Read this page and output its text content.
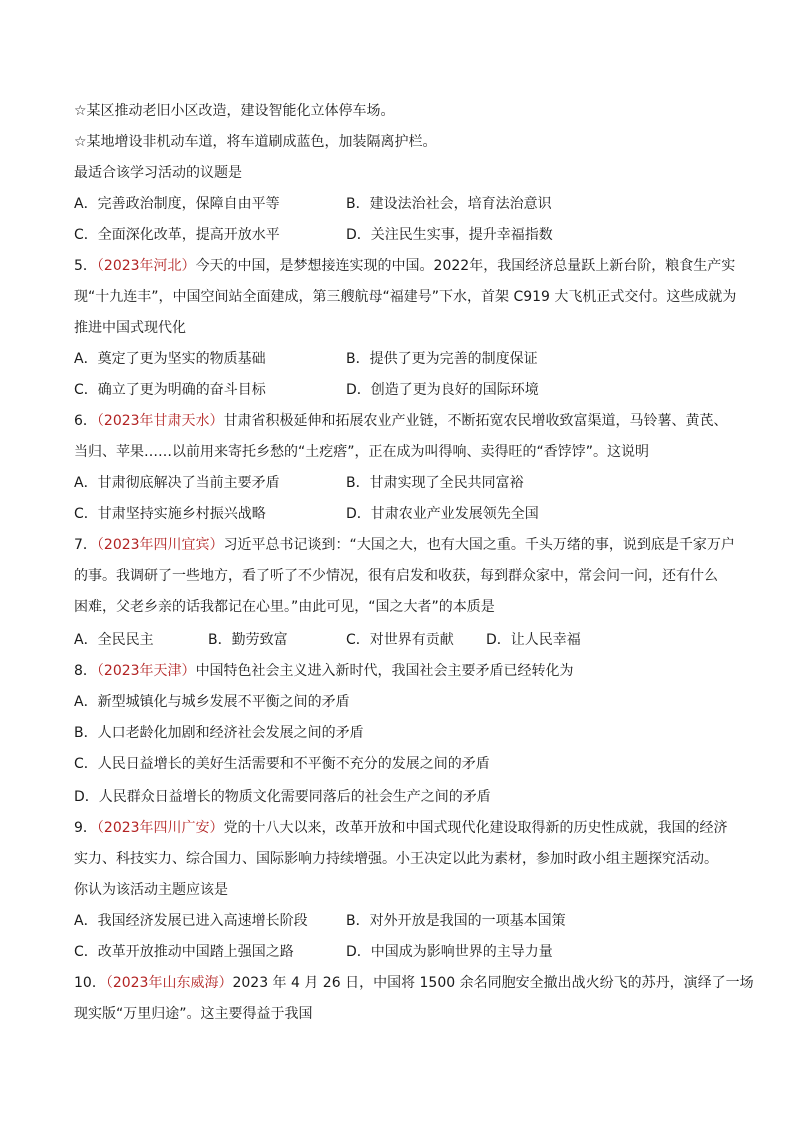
☆某区推动老旧小区改造，建设智能化立体停车场。
☆某地增设非机动车道，将车道刷成蓝色，加装隔离护栏。
最适合该学习活动的议题是
A．完善政治制度，保障自由平等	B．建设法治社会，培育法治意识
C．全面深化改革，提高开放水平	D．关注民生实事，提升幸福指数
5．（2023年河北）今天的中国，是梦想接连实现的中国。2022年，我国经济总量跃上新台阶，粮食生产实
现“十九连丰”，中国空间站全面建成，第三艘航母“福建号”下水，首架 C919 大飞机正式交付。这些成就为
推进中国式现代化
A．奠定了更为坚实的物质基础	B．提供了更为完善的制度保证
C．确立了更为明确的奋斗目标	D．创造了更为良好的国际环境
6．（2023年甘肃天水）甘肃省积极延伸和拓展农业产业链，不断拓宽农民增收致富渠道，马铃薯、黄芪、
当归、苹果……以前用来寄托乡愁的“土疙瘩”，正在成为叫得响、卖得旺的“香饽饽”。这说明
A．甘肃彻底解决了当前主要矛盾	B．甘肃实现了全民共同富裕
C．甘肃坚持实施乡村振兴战略	D．甘肃农业产业发展领先全国
7．（2023年四川宜宾）习近平总书记谈到：“大国之大，也有大国之重。千头万绪的事，说到底是千家万户
的事。我调研了一些地方，看了听了不少情况，很有启发和收获，每到群众家中，常会问一问，还有什么
困难，父老乡亲的话我都记在心里。”由此可见，“国之大者”的本质是
A．全民民主	B．勤劳致富	C．对世界有贡献 D．让人民幸福
8．（2023年天津）中国特色社会主义进入新时代，我国社会主要矛盾已经转化为
A．新型城镇化与城乡发展不平衡之间的矛盾
B．人口老龄化加剧和经济社会发展之间的矛盾
C．人民日益增长的美好生活需要和不平衡不充分的发展之间的矛盾
D．人民群众日益增长的物质文化需要同落后的社会生产之间的矛盾
9．（2023年四川广安）党的十八大以来，改革开放和中国式现代化建设取得新的历史性成就，我国的经济
实力、科技实力、综合国力、国际影响力持续增强。小王决定以此为素材，参加时政小组主题探究活动。
你认为该活动主题应该是
A．我国经济发展已进入高速增长阶段	B．对外开放是我国的一项基本国策
C．改革开放推动中国踏上强国之路	D．中国成为影响世界的主导力量
10．（2023年山东威海）2023 年 4 月 26 日，中国将 1500 余名同胞安全撤出战火纷飞的苏丹，演绎了一场
现实版“万里归途”。这主要得益于我国
